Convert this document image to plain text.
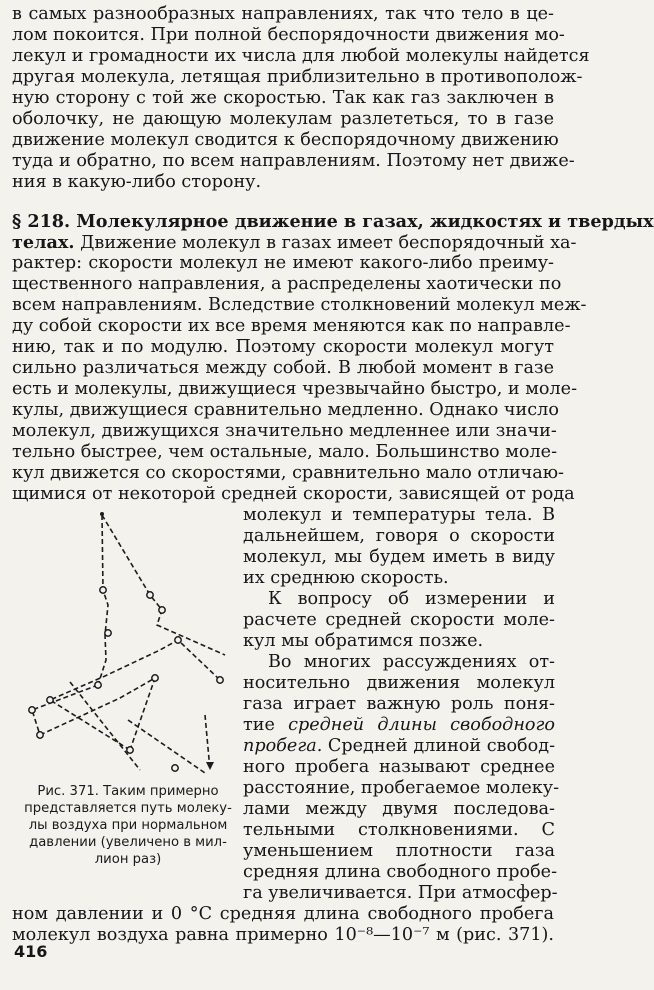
в самых разнообразных направлениях, так что тело в це-
лом покоится. При полной беспорядочности движения мо-
лекул и громадности их числа для любой молекулы найдется
другая молекула, летящая приблизительно в противополож-
ную сторону с той же скоростью. Так как газ заключен в
оболочку, не дающую молекулам разлететься, то в газе
движение молекул сводится к беспорядочному движению
туда и обратно, по всем направлениям. Поэтому нет движе-
ния в какую-либо сторону.
§ 218. Молекулярное движение в газах, жидкостях и твердых
телах. Движение молекул в газах имеет беспорядочный ха-
рактер: скорости молекул не имеют какого-либо преиму-
щественного направления, а распределены хаотически по
всем направлениям. Вследствие столкновений молекул меж-
ду собой скорости их все время меняются как по направле-
нию, так и по модулю. Поэтому скорости молекул могут
сильно различаться между собой. В любой момент в газе
есть и молекулы, движущиеся чрезвычайно быстро, и моле-
кулы, движущиеся сравнительно медленно. Однако число
молекул, движущихся значительно медленнее или значи-
тельно быстрее, чем остальные, мало. Большинство моле-
кул движется со скоростями, сравнительно мало отличаю-
щимися от некоторой средней скорости, зависящей от рода
молекул и температуры тела. В
дальнейшем, говоря о скорости
молекул, мы будем иметь в виду
их среднюю скорость.
К вопросу об измерении и
расчете средней скорости моле-
кул мы обратимся позже.
Во многих рассуждениях от-
носительно движения молекул
газа играет важную роль поня-
тие средней длины свободного
пробега. Средней длиной свобод-
ного пробега называют среднее
расстояние, пробегаемое молеку-
лами между двумя последова-
тельными столкновениями. С
уменьшением плотности газа
средняя длина свободного пробе-
га увеличивается. При атмосфер-
ном давлении и 0 °C средняя длина свободного пробега
молекул воздуха равна примерно 10⁻⁸—10⁻⁷ м (рис. 371).
Рис. 371. Таким примерно
представляется путь молеку-
лы воздуха при нормальном
давлении (увеличено в мил-
лион раз)
416
